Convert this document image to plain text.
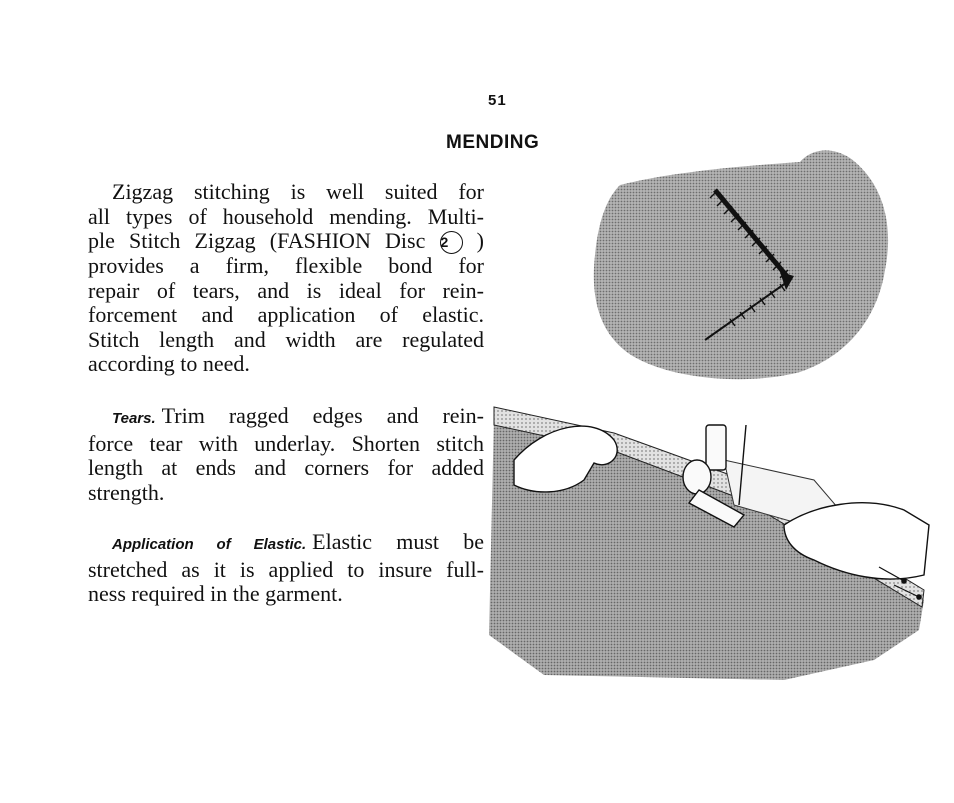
51
MENDING
Zigzag stitching is well suited for
all types of household mending. Multi-
ple Stitch Zigzag (FASHION Disc 2 )
provides a firm, flexible bond for
repair of tears, and is ideal for rein-
forcement and application of elastic.
Stitch length and width are regulated
according to need.
Tears. Trim ragged edges and rein-
force tear with underlay. Shorten stitch
length at ends and corners for added
strength.
Application of Elastic. Elastic must be
stretched as it is applied to insure full-
ness required in the garment.
